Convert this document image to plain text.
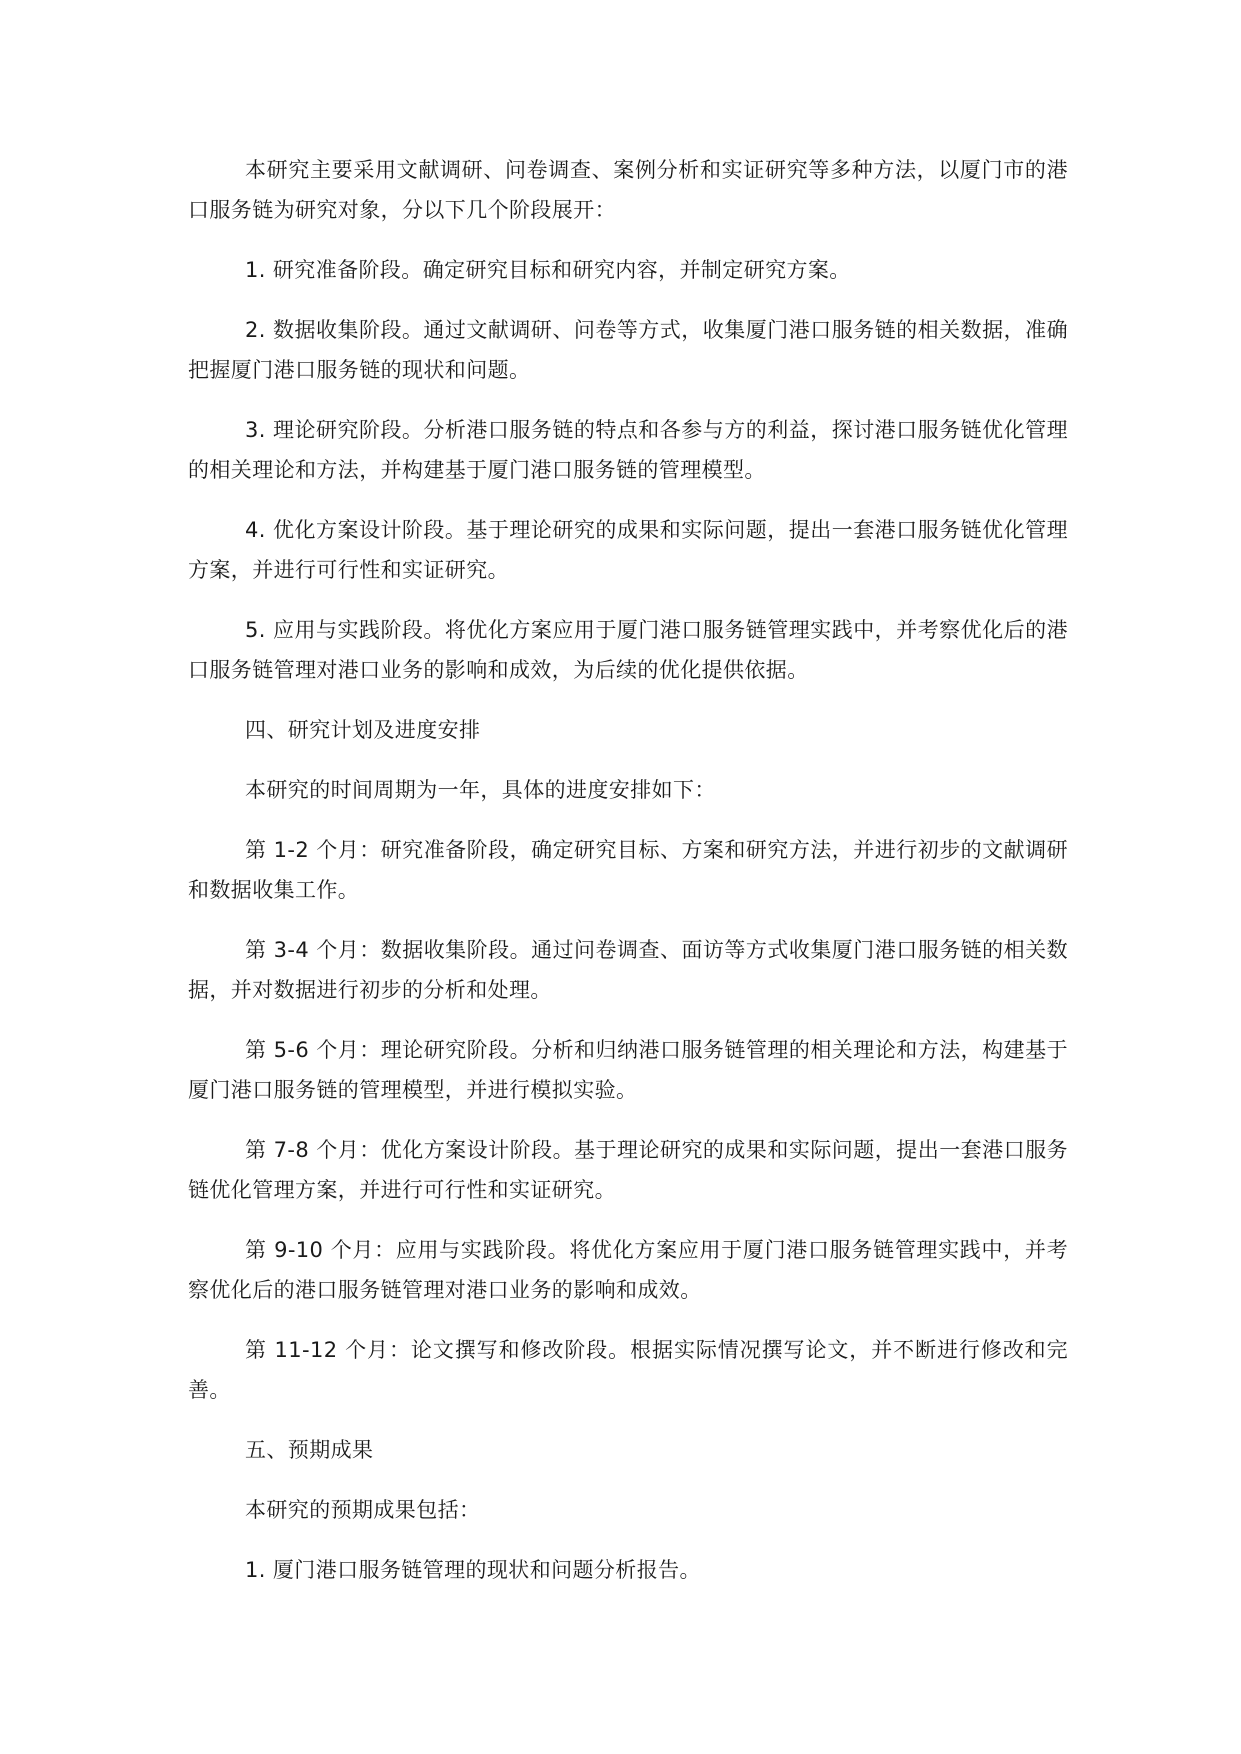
本研究主要采用文献调研、问卷调查、案例分析和实证研究等多种方法，以厦门市的港口服务链为研究对象，分以下几个阶段展开：

1. 研究准备阶段。确定研究目标和研究内容，并制定研究方案。

2. 数据收集阶段。通过文献调研、问卷等方式，收集厦门港口服务链的相关数据，准确把握厦门港口服务链的现状和问题。

3. 理论研究阶段。分析港口服务链的特点和各参与方的利益，探讨港口服务链优化管理的相关理论和方法，并构建基于厦门港口服务链的管理模型。

4. 优化方案设计阶段。基于理论研究的成果和实际问题，提出一套港口服务链优化管理方案，并进行可行性和实证研究。

5. 应用与实践阶段。将优化方案应用于厦门港口服务链管理实践中，并考察优化后的港口服务链管理对港口业务的影响和成效，为后续的优化提供依据。

四、研究计划及进度安排

本研究的时间周期为一年，具体的进度安排如下：

第 1-2 个月：研究准备阶段，确定研究目标、方案和研究方法，并进行初步的文献调研和数据收集工作。

第 3-4 个月：数据收集阶段。通过问卷调查、面访等方式收集厦门港口服务链的相关数据，并对数据进行初步的分析和处理。

第 5-6 个月：理论研究阶段。分析和归纳港口服务链管理的相关理论和方法，构建基于厦门港口服务链的管理模型，并进行模拟实验。

第 7-8 个月：优化方案设计阶段。基于理论研究的成果和实际问题，提出一套港口服务链优化管理方案，并进行可行性和实证研究。

第 9-10 个月：应用与实践阶段。将优化方案应用于厦门港口服务链管理实践中，并考察优化后的港口服务链管理对港口业务的影响和成效。

第 11-12 个月：论文撰写和修改阶段。根据实际情况撰写论文，并不断进行修改和完善。

五、预期成果

本研究的预期成果包括：

1. 厦门港口服务链管理的现状和问题分析报告。
